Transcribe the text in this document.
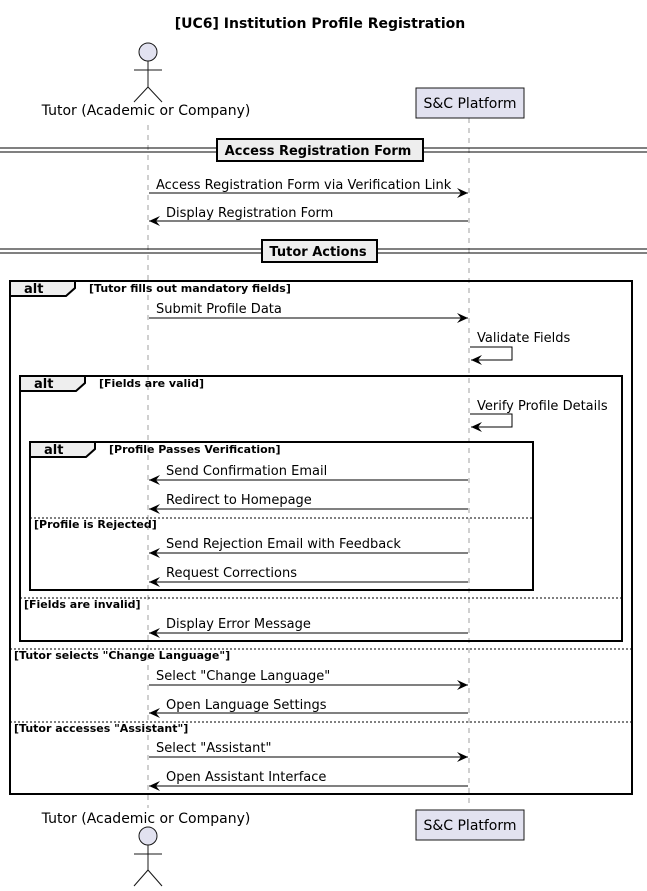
[UC6] Institution Profile Registration
Tutor (Academic or Company)	S&C Platform
Access Registration Form
Access Registration Form via Verification Link
Display Registration Form
Tutor Actions
alt	[Tutor fills out mandatory fields]
Submit Profile Data
Validate Fields
alt	[Fields are valid]
Verify Profile Details
alt	[Profile Passes Verification]
Send Confirmation Email
Redirect to Homepage
[Profile is Rejected]
Send Rejection Email with Feedback
Request Corrections
[Fields are invalid]
Display Error Message
[Tutor selects "Change Language"]
Select "Change Language"
Open Language Settings
[Tutor accesses "Assistant"]
Select "Assistant"
Open Assistant Interface
Tutor (Academic or Company)	S&C Platform
